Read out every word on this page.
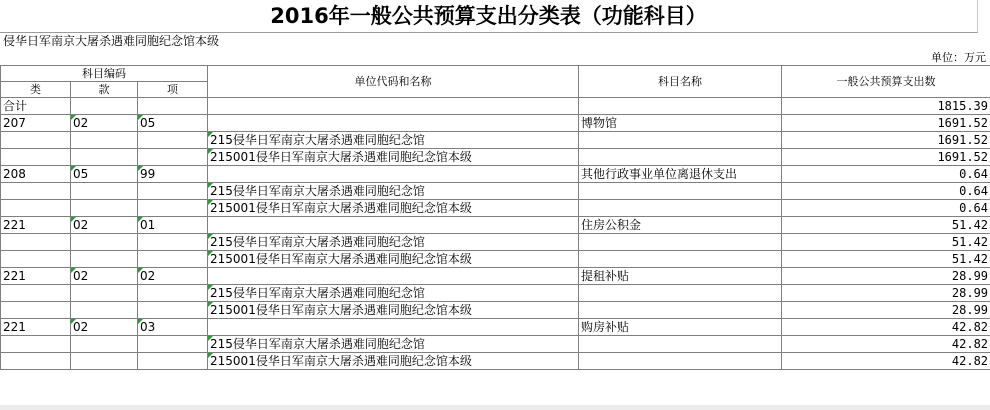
2016年一般公共预算支出分类表（功能科目）
侵华日军南京大屠杀遇难同胞纪念馆本级
单位：万元
科目编码			单位代码和名称	科目名称	一般公共预算支出数
类	款	项			
合计					1815.39
207	02	05		博物馆	1691.52
			215侵华日军南京大屠杀遇难同胞纪念馆		1691.52
			215001侵华日军南京大屠杀遇难同胞纪念馆本级		1691.52
208	05	99		其他行政事业单位离退休支出	0.64
			215侵华日军南京大屠杀遇难同胞纪念馆		0.64
			215001侵华日军南京大屠杀遇难同胞纪念馆本级		0.64
221	02	01		住房公积金	51.42
			215侵华日军南京大屠杀遇难同胞纪念馆		51.42
			215001侵华日军南京大屠杀遇难同胞纪念馆本级		51.42
221	02	02		提租补贴	28.99
			215侵华日军南京大屠杀遇难同胞纪念馆		28.99
			215001侵华日军南京大屠杀遇难同胞纪念馆本级		28.99
221	02	03		购房补贴	42.82
			215侵华日军南京大屠杀遇难同胞纪念馆		42.82
			215001侵华日军南京大屠杀遇难同胞纪念馆本级		42.82
